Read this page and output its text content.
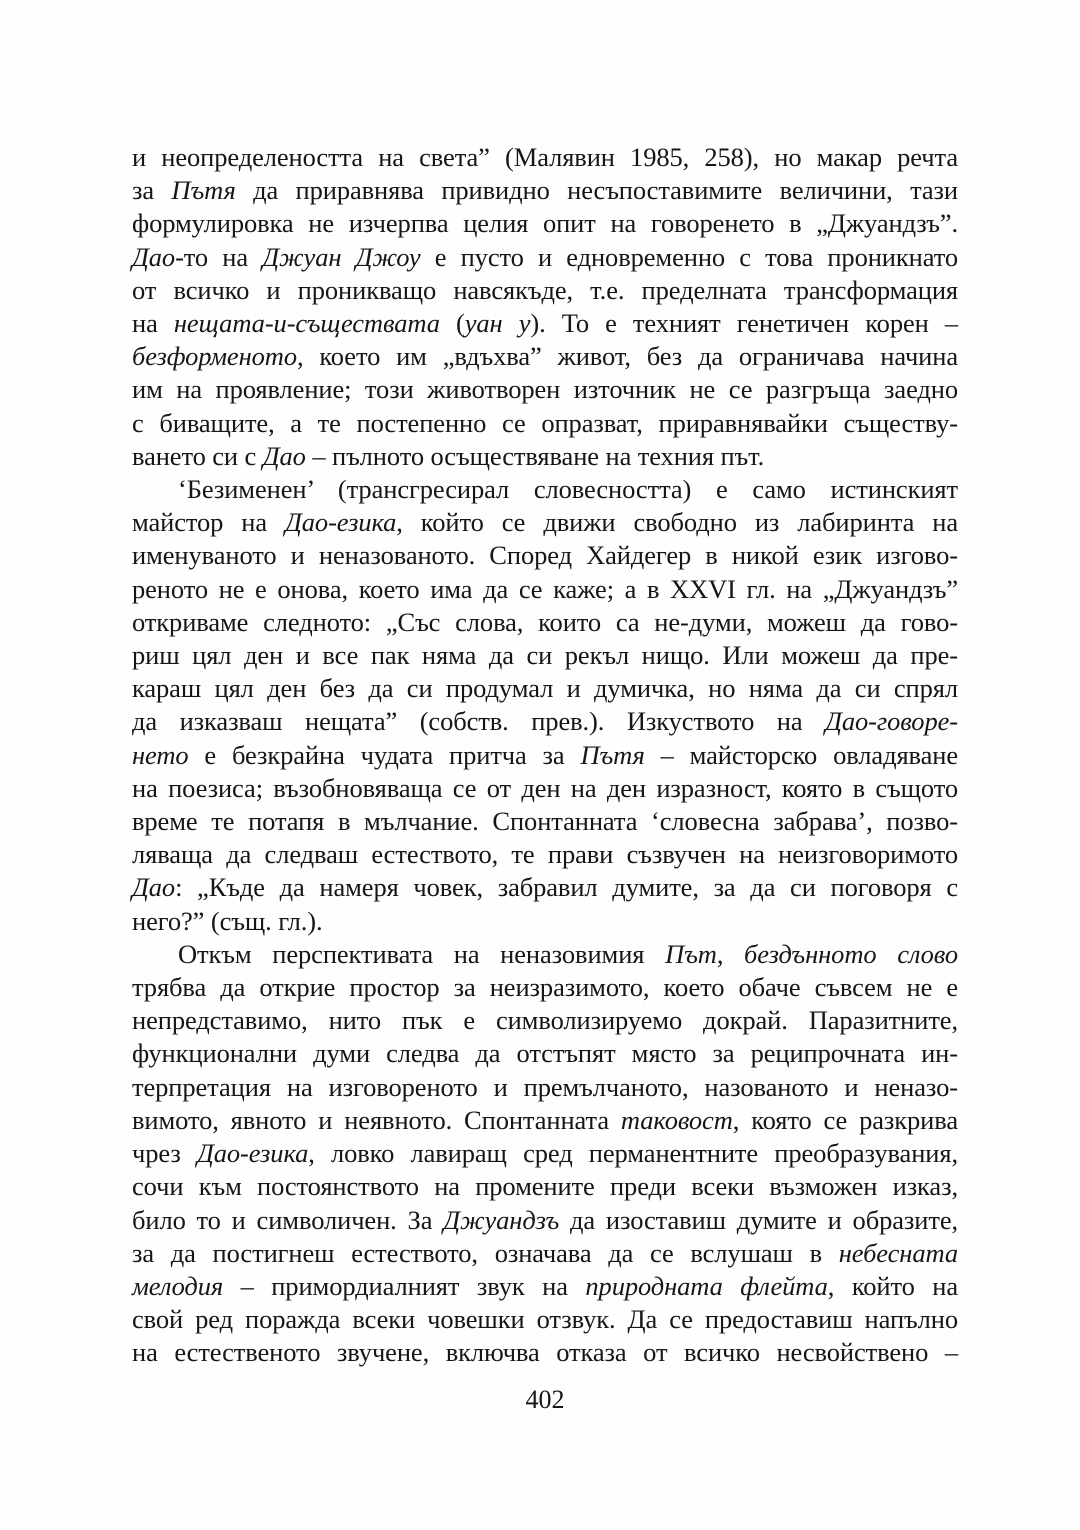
и неопределеността на света” (Малявин 1985, 258), но макар речта
за Пътя да приравнява привидно несъпоставимите величини, тази
формулировка не изчерпва целия опит на говоренето в „Джуандзъ”.
Дао-то на Джуан Джоу е пусто и едновременно с това проникнато
от всичко и проникващо навсякъде, т.е. пределната трансформация
на нещата-и-съществата (уан у). То е техният генетичен корен –
безформеното, което им „вдъхва” живот, без да ограничава начина
им на проявление; този животворен източник не се разгръща заедно
с биващите, а те постепенно се опразват, приравнявайки съществу-
ването си с Дао – пълното осъществяване на техния път.
‘Безименен’ (трансгресирал словесността) е само истинският
майстор на Дао-езика, който се движи свободно из лабиринта на
именуваното и неназованото. Според Хайдегер в никой език изгово-
реното не е онова, което има да се каже; а в XXVI гл. на „Джуандзъ”
откриваме следното: „Със слова, които са не-думи, можеш да гово-
риш цял ден и все пак няма да си рекъл нищо. Или можеш да пре-
караш цял ден без да си продумал и думичка, но няма да си спрял
да изказваш нещата” (собств. прев.). Изкуството на Дао-говоре-
нето е безкрайна чудата притча за Пътя – майсторско овладяване
на поезиса; възобновяваща се от ден на ден изразност, която в същото
време те потапя в мълчание. Спонтанната ‘словесна забрава’, позво-
ляваща да следваш естеството, те прави съзвучен на неизговоримото
Дао: „Къде да намеря човек, забравил думите, за да си поговоря с
него?” (същ. гл.).
Откъм перспективата на неназовимия Път, бездънното слово
трябва да открие простор за неизразимото, което обаче съвсем не е
непредставимо, нито пък е символизируемо докрай. Паразитните,
функционални думи следва да отстъпят място за реципрочната ин-
терпретация на изговореното и премълчаното, назованото и неназо-
вимото, явното и неявното. Спонтанната таковост, която се разкрива
чрез Дао-езика, ловко лавиращ сред перманентните преобразувания,
сочи към постоянството на промените преди всеки възможен изказ,
било то и символичен. За Джуандзъ да изоставиш думите и образите,
за да постигнеш естеството, означава да се вслушаш в небесната
мелодия – примордиалният звук на природната флейта, който на
свой ред поражда всеки човешки отзвук. Да се предоставиш напълно
на естественото звучене, включва отказа от всичко несвойствено –
402
